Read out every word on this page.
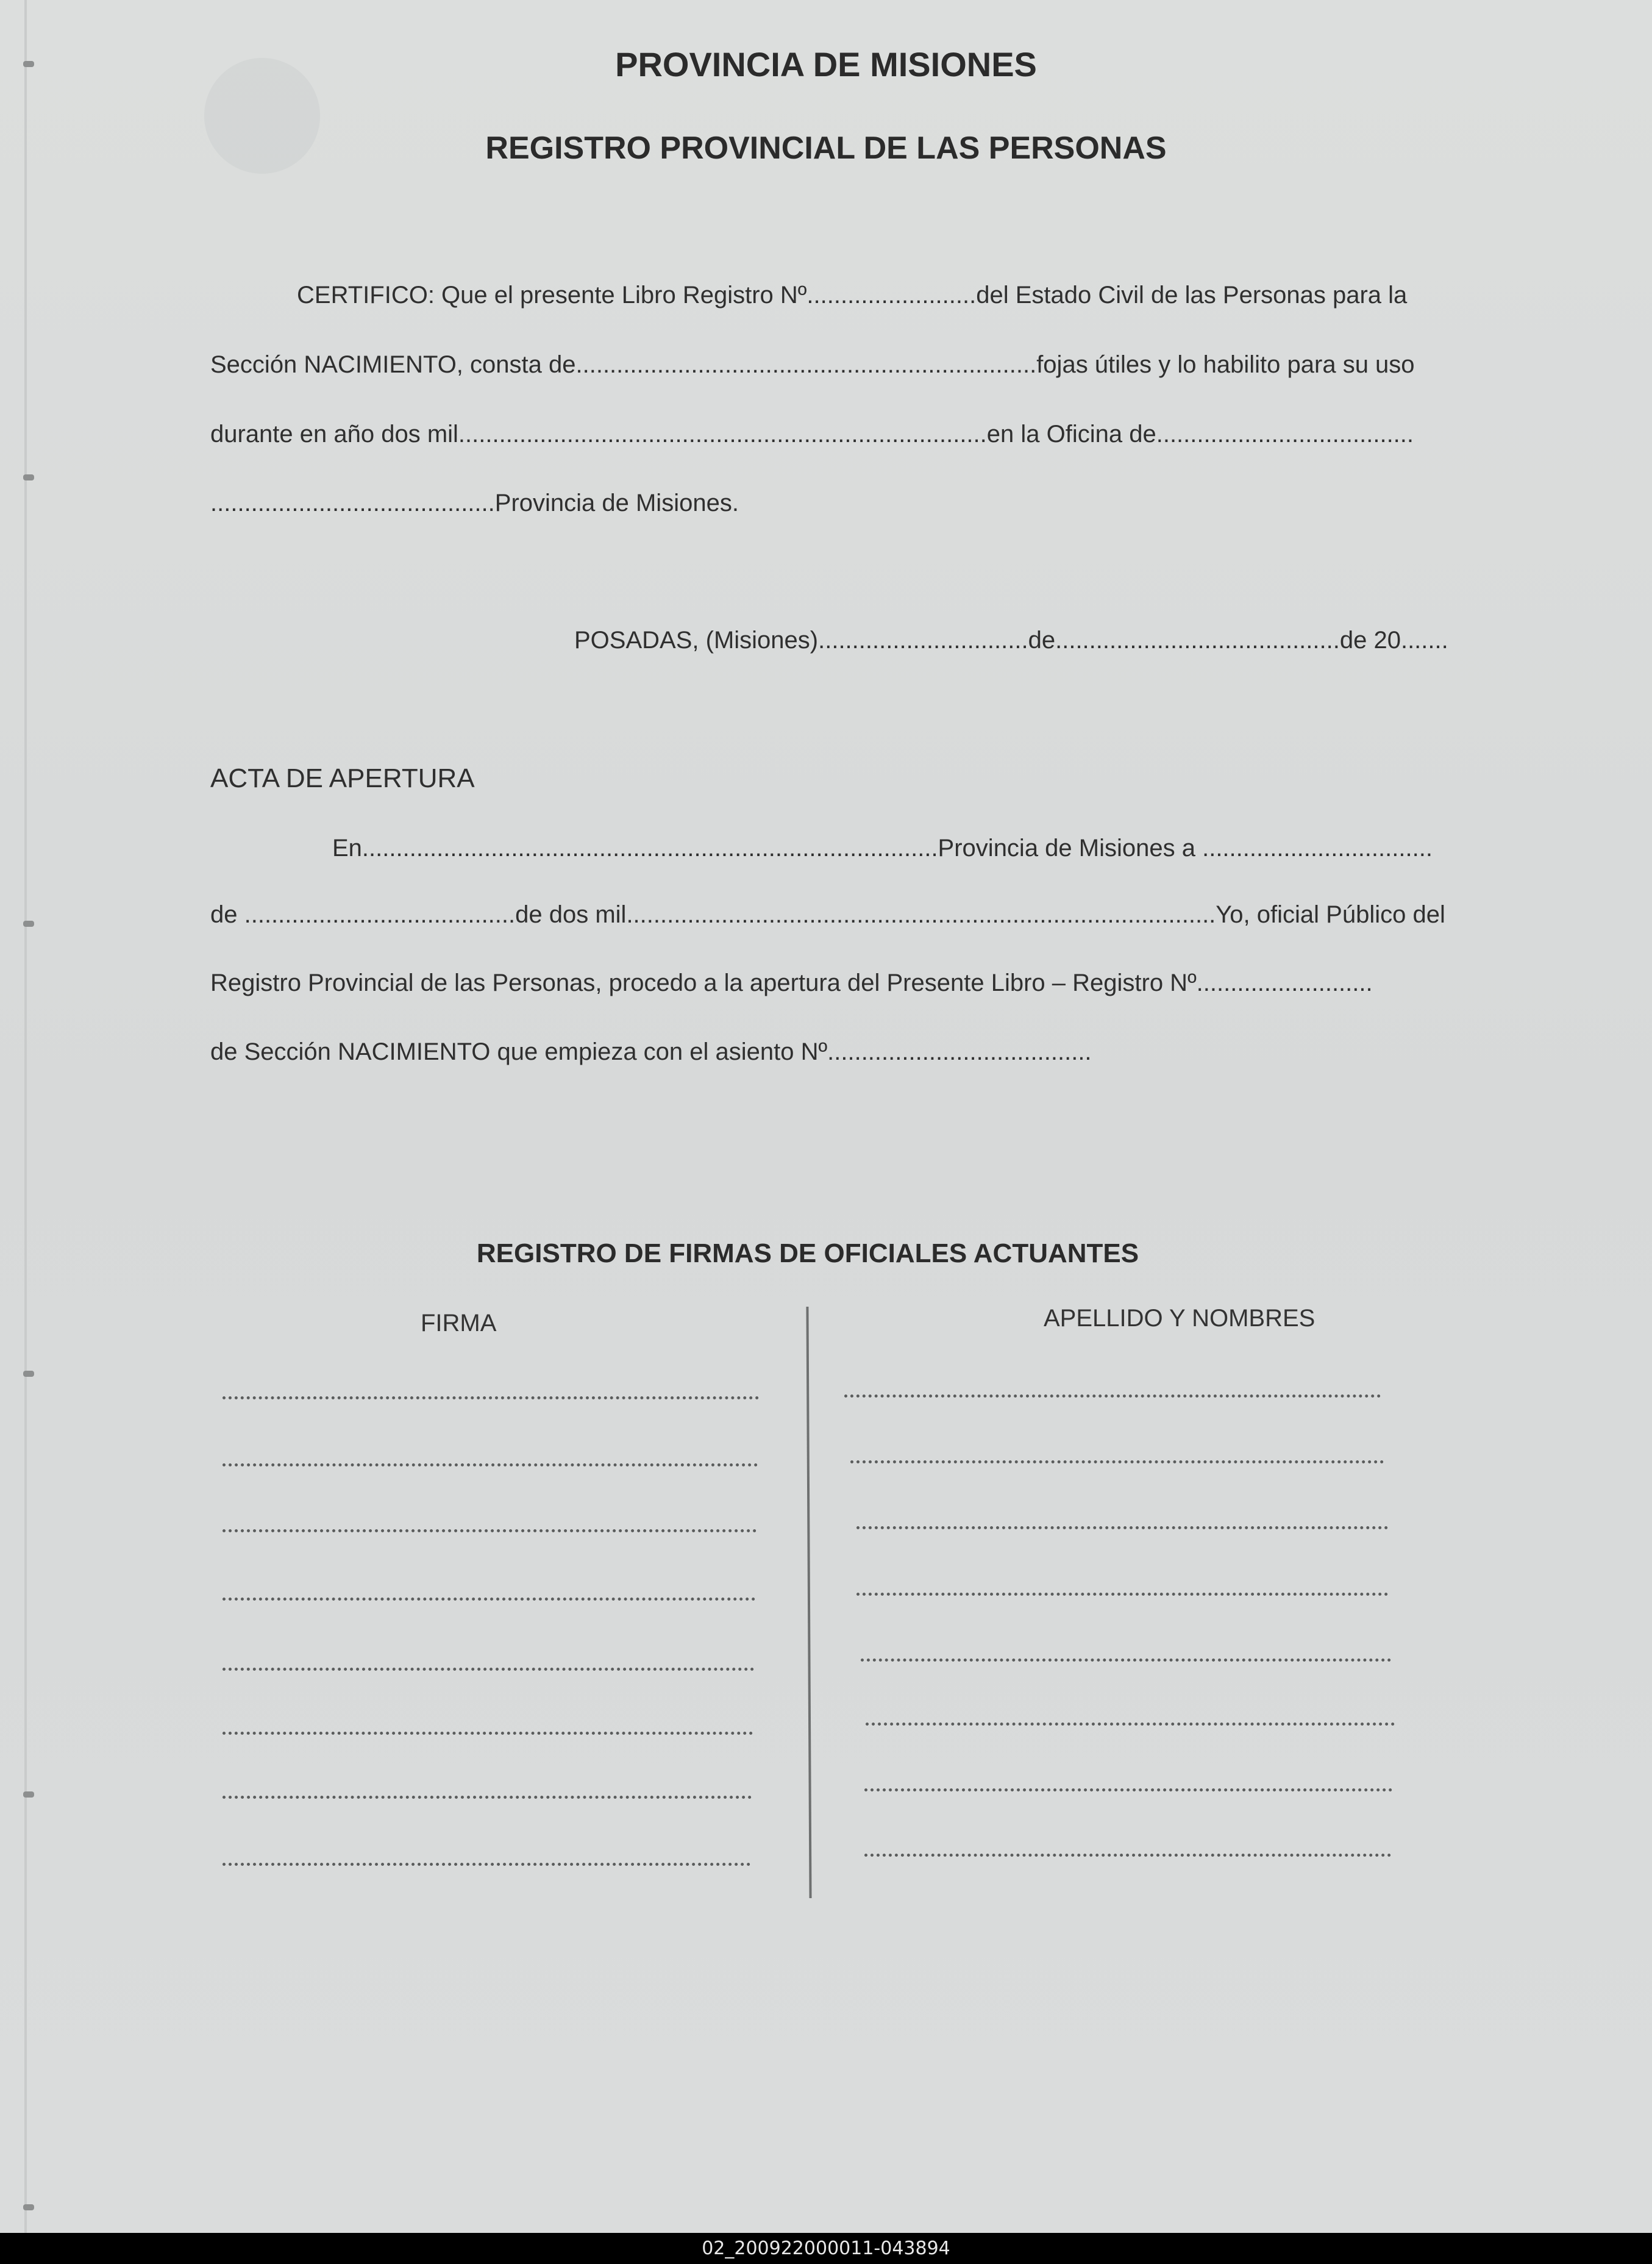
PROVINCIA DE MISIONES
REGISTRO PROVINCIAL DE LAS PERSONAS

CERTIFICO: Que el presente Libro Registro Nº.........................del Estado Civil de las Personas para la

Sección NACIMIENTO, consta de....................................................................fojas útiles y lo habilito para su uso

durante en año dos mil..............................................................................en la Oficina de......................................

..........................................Provincia de Misiones.

POSADAS, (Misiones)...............................de..........................................de 20.......

ACTA DE APERTURA

En.....................................................................................Provincia de Misiones a ..................................

de ........................................de dos mil.......................................................................................Yo, oficial Público del

Registro Provincial de las Personas, procedo a la apertura del Presente Libro – Registro Nº..........................

de Sección NACIMIENTO que empieza con el asiento Nº.......................................

REGISTRO DE FIRMAS DE OFICIALES ACTUANTES

FIRMA	APELLIDO Y NOMBRES

02_200922000011-043894
